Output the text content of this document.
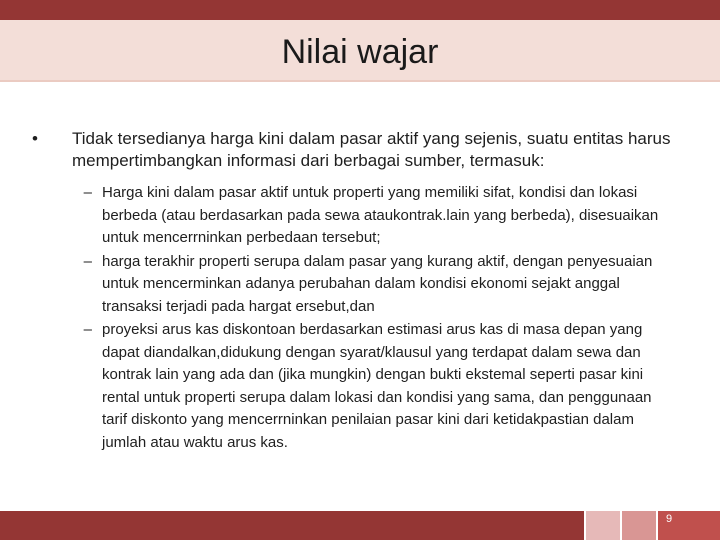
Nilai wajar
•	Tidak tersedianya harga kini dalam pasar aktif yang sejenis, suatu entitas harus mempertimbangkan informasi dari berbagai sumber, termasuk:
– Harga kini dalam pasar aktif untuk properti yang memiliki sifat, kondisi dan lokasi berbeda (atau berdasarkan pada sewa ataukontrak.lain yang berbeda), disesuaikan untuk mencerrninkan perbedaan tersebut;
– harga terakhir properti serupa dalam pasar yang kurang aktif, dengan penyesuaian untuk mencerminkan adanya perubahan dalam kondisi ekonomi sejakt anggal transaksi terjadi pada hargat ersebut,dan
– proyeksi arus kas diskontoan berdasarkan estimasi arus kas di masa depan yang dapat diandalkan,didukung dengan syarat/klausul yang terdapat dalam sewa dan kontrak lain yang ada dan (jika mungkin) dengan bukti ekstemal seperti pasar kini rental untuk properti serupa dalam lokasi dan kondisi yang sama, dan penggunaan tarif diskonto yang mencerrninkan penilaian pasar kini dari ketidakpastian dalam jumlah atau waktu arus kas.
9
